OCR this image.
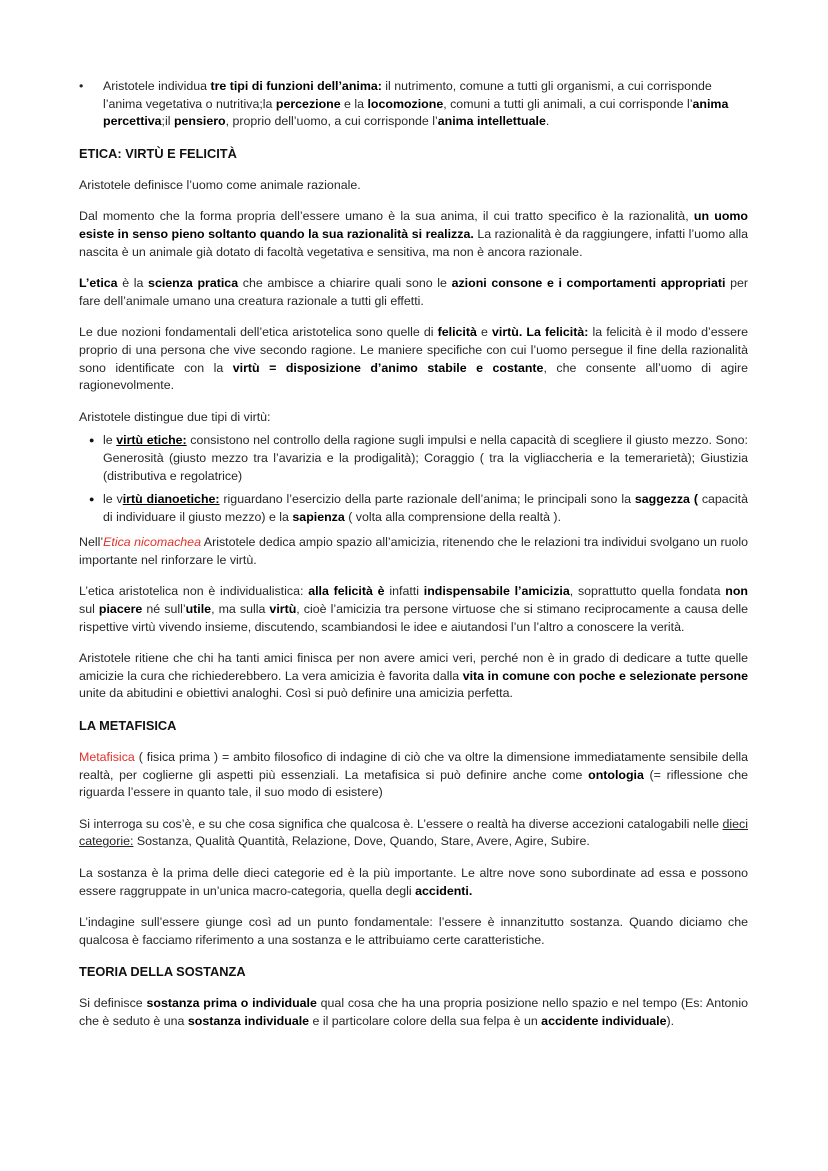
• Aristotele individua tre tipi di funzioni dell’anima: il nutrimento, comune a tutti gli organismi, a cui corrisponde l’anima vegetativa o nutritiva;la percezione e la locomozione, comuni a tutti gli animali, a cui corrisponde l’anima percettiva;il pensiero, proprio dell’uomo, a cui corrisponde l’anima intellettuale.
ETICA: VIRTÙ E FELICITÀ

Aristotele definisce l’uomo come animale razionale.

Dal momento che la forma propria dell’essere umano è la sua anima, il cui tratto specifico è la razionalità, un uomo esiste in senso pieno soltanto quando la sua razionalità si realizza. La razionalità è da raggiungere, infatti l’uomo alla nascita è un animale già dotato di facoltà vegetativa e sensitiva, ma non è ancora razionale.

L’etica è la scienza pratica che ambisce a chiarire quali sono le azioni consone e i comportamenti appropriati per fare dell’animale umano una creatura razionale a tutti gli effetti.

Le due nozioni fondamentali dell’etica aristotelica sono quelle di felicità e virtù. La felicità: la felicità è il modo d’essere proprio di una persona che vive secondo ragione. Le maniere specifiche con cui l’uomo persegue il fine della razionalità sono identificate con la virtù = disposizione d’animo stabile e costante, che consente all’uomo di agire ragionevolmente.

Aristotele distingue due tipi di virtù:

● le virtù etiche: consistono nel controllo della ragione sugli impulsi e nella capacità di scegliere il giusto mezzo. Sono: Generosità (giusto mezzo tra l’avarizia e la prodigalità); Coraggio ( tra la vigliaccheria e la temerarietà); Giustizia (distributiva e regolatrice)
● le virtù dianoetiche: riguardano l’esercizio della parte razionale dell’anima; le principali sono la saggezza ( capacità di individuare il giusto mezzo) e la sapienza ( volta alla comprensione della realtà ).

Nell’Etica nicomachea Aristotele dedica ampio spazio all’amicizia, ritenendo che le relazioni tra individui svolgano un ruolo importante nel rinforzare le virtù.

L’etica aristotelica non è individualistica: alla felicità è infatti indispensabile l’amicizia, soprattutto quella fondata non sul piacere né sull’utile, ma sulla virtù, cioè l’amicizia tra persone virtuose che si stimano reciprocamente a causa delle rispettive virtù vivendo insieme, discutendo, scambiandosi le idee e aiutandosi l’un l’altro a conoscere la verità.

Aristotele ritiene che chi ha tanti amici finisca per non avere amici veri, perché non è in grado di dedicare a tutte quelle amicizie la cura che richiederebbero. La vera amicizia è favorita dalla vita in comune con poche e selezionate persone unite da abitudini e obiettivi analoghi. Così si può definire una amicizia perfetta.

LA METAFISICA

Metafisica ( fisica prima ) = ambito filosofico di indagine di ciò che va oltre la dimensione immediatamente sensibile della realtà, per coglierne gli aspetti più essenziali. La metafisica si può definire anche come ontologia (= riflessione che riguarda l’essere in quanto tale, il suo modo di esistere)

Si interroga su cos’è, e su che cosa significa che qualcosa è. L’essere o realtà ha diverse accezioni catalogabili nelle dieci categorie: Sostanza, Qualità Quantità, Relazione, Dove, Quando, Stare, Avere, Agire, Subire.

La sostanza è la prima delle dieci categorie ed è la più importante. Le altre nove sono subordinate ad essa e possono essere raggruppate in un’unica macro-categoria, quella degli accidenti.

L’indagine sull’essere giunge così ad un punto fondamentale: l’essere è innanzitutto sostanza. Quando diciamo che qualcosa è facciamo riferimento a una sostanza e le attribuiamo certe caratteristiche.

TEORIA DELLA SOSTANZA

Si definisce sostanza prima o individuale qual cosa che ha una propria posizione nello spazio e nel tempo (Es: Antonio che è seduto è una sostanza individuale e il particolare colore della sua felpa è un accidente individuale).
